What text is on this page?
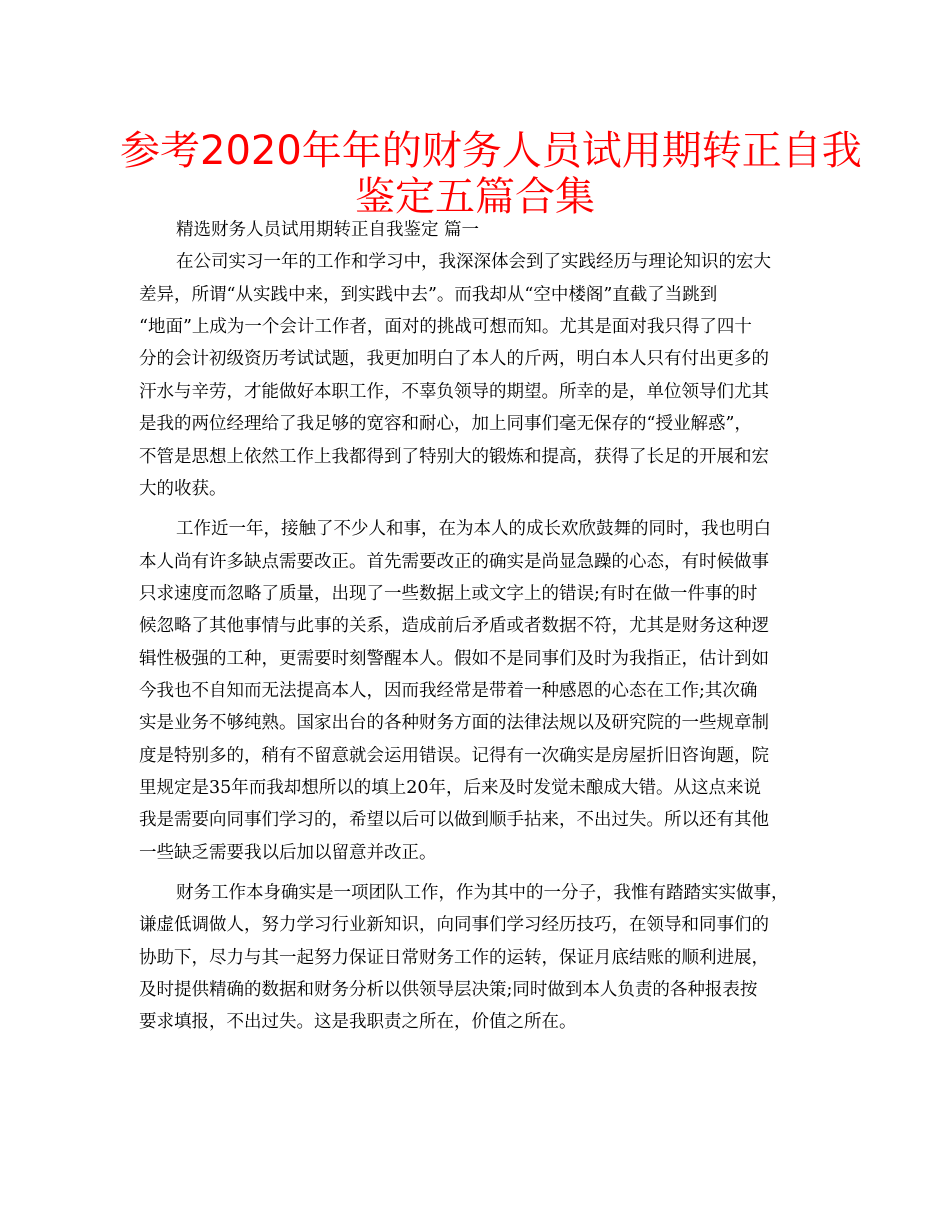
参考2020年年的财务人员试用期转正自我
鉴定五篇合集

精选财务人员试用期转正自我鉴定 篇一

在公司实习一年的工作和学习中，我深深体会到了实践经历与理论知识的宏大

差异，所谓“从实践中来，到实践中去”。而我却从“空中楼阁”直截了当跳到

“地面”上成为一个会计工作者，面对的挑战可想而知。尤其是面对我只得了四十

分的会计初级资历考试试题，我更加明白了本人的斤两，明白本人只有付出更多的

汗水与辛劳，才能做好本职工作，不辜负领导的期望。所幸的是，单位领导们尤其

是我的两位经理给了我足够的宽容和耐心，加上同事们毫无保存的“授业解惑”，

不管是思想上依然工作上我都得到了特别大的锻炼和提高，获得了长足的开展和宏

大的收获。

工作近一年，接触了不少人和事，在为本人的成长欢欣鼓舞的同时，我也明白

本人尚有许多缺点需要改正。首先需要改正的确实是尚显急躁的心态，有时候做事

只求速度而忽略了质量，出现了一些数据上或文字上的错误;有时在做一件事的时

候忽略了其他事情与此事的关系，造成前后矛盾或者数据不符，尤其是财务这种逻

辑性极强的工种，更需要时刻警醒本人。假如不是同事们及时为我指正，估计到如

今我也不自知而无法提高本人，因而我经常是带着一种感恩的心态在工作;其次确

实是业务不够纯熟。国家出台的各种财务方面的法律法规以及研究院的一些规章制

度是特别多的，稍有不留意就会运用错误。记得有一次确实是房屋折旧咨询题，院

里规定是35年而我却想所以的填上20年，后来及时发觉未酿成大错。从这点来说

我是需要向同事们学习的，希望以后可以做到顺手拈来，不出过失。所以还有其他

一些缺乏需要我以后加以留意并改正。

财务工作本身确实是一项团队工作，作为其中的一分子，我惟有踏踏实实做事，

谦虚低调做人，努力学习行业新知识，向同事们学习经历技巧，在领导和同事们的

协助下，尽力与其一起努力保证日常财务工作的运转，保证月底结账的顺利进展，

及时提供精确的数据和财务分析以供领导层决策;同时做到本人负责的各种报表按

要求填报，不出过失。这是我职责之所在，价值之所在。
